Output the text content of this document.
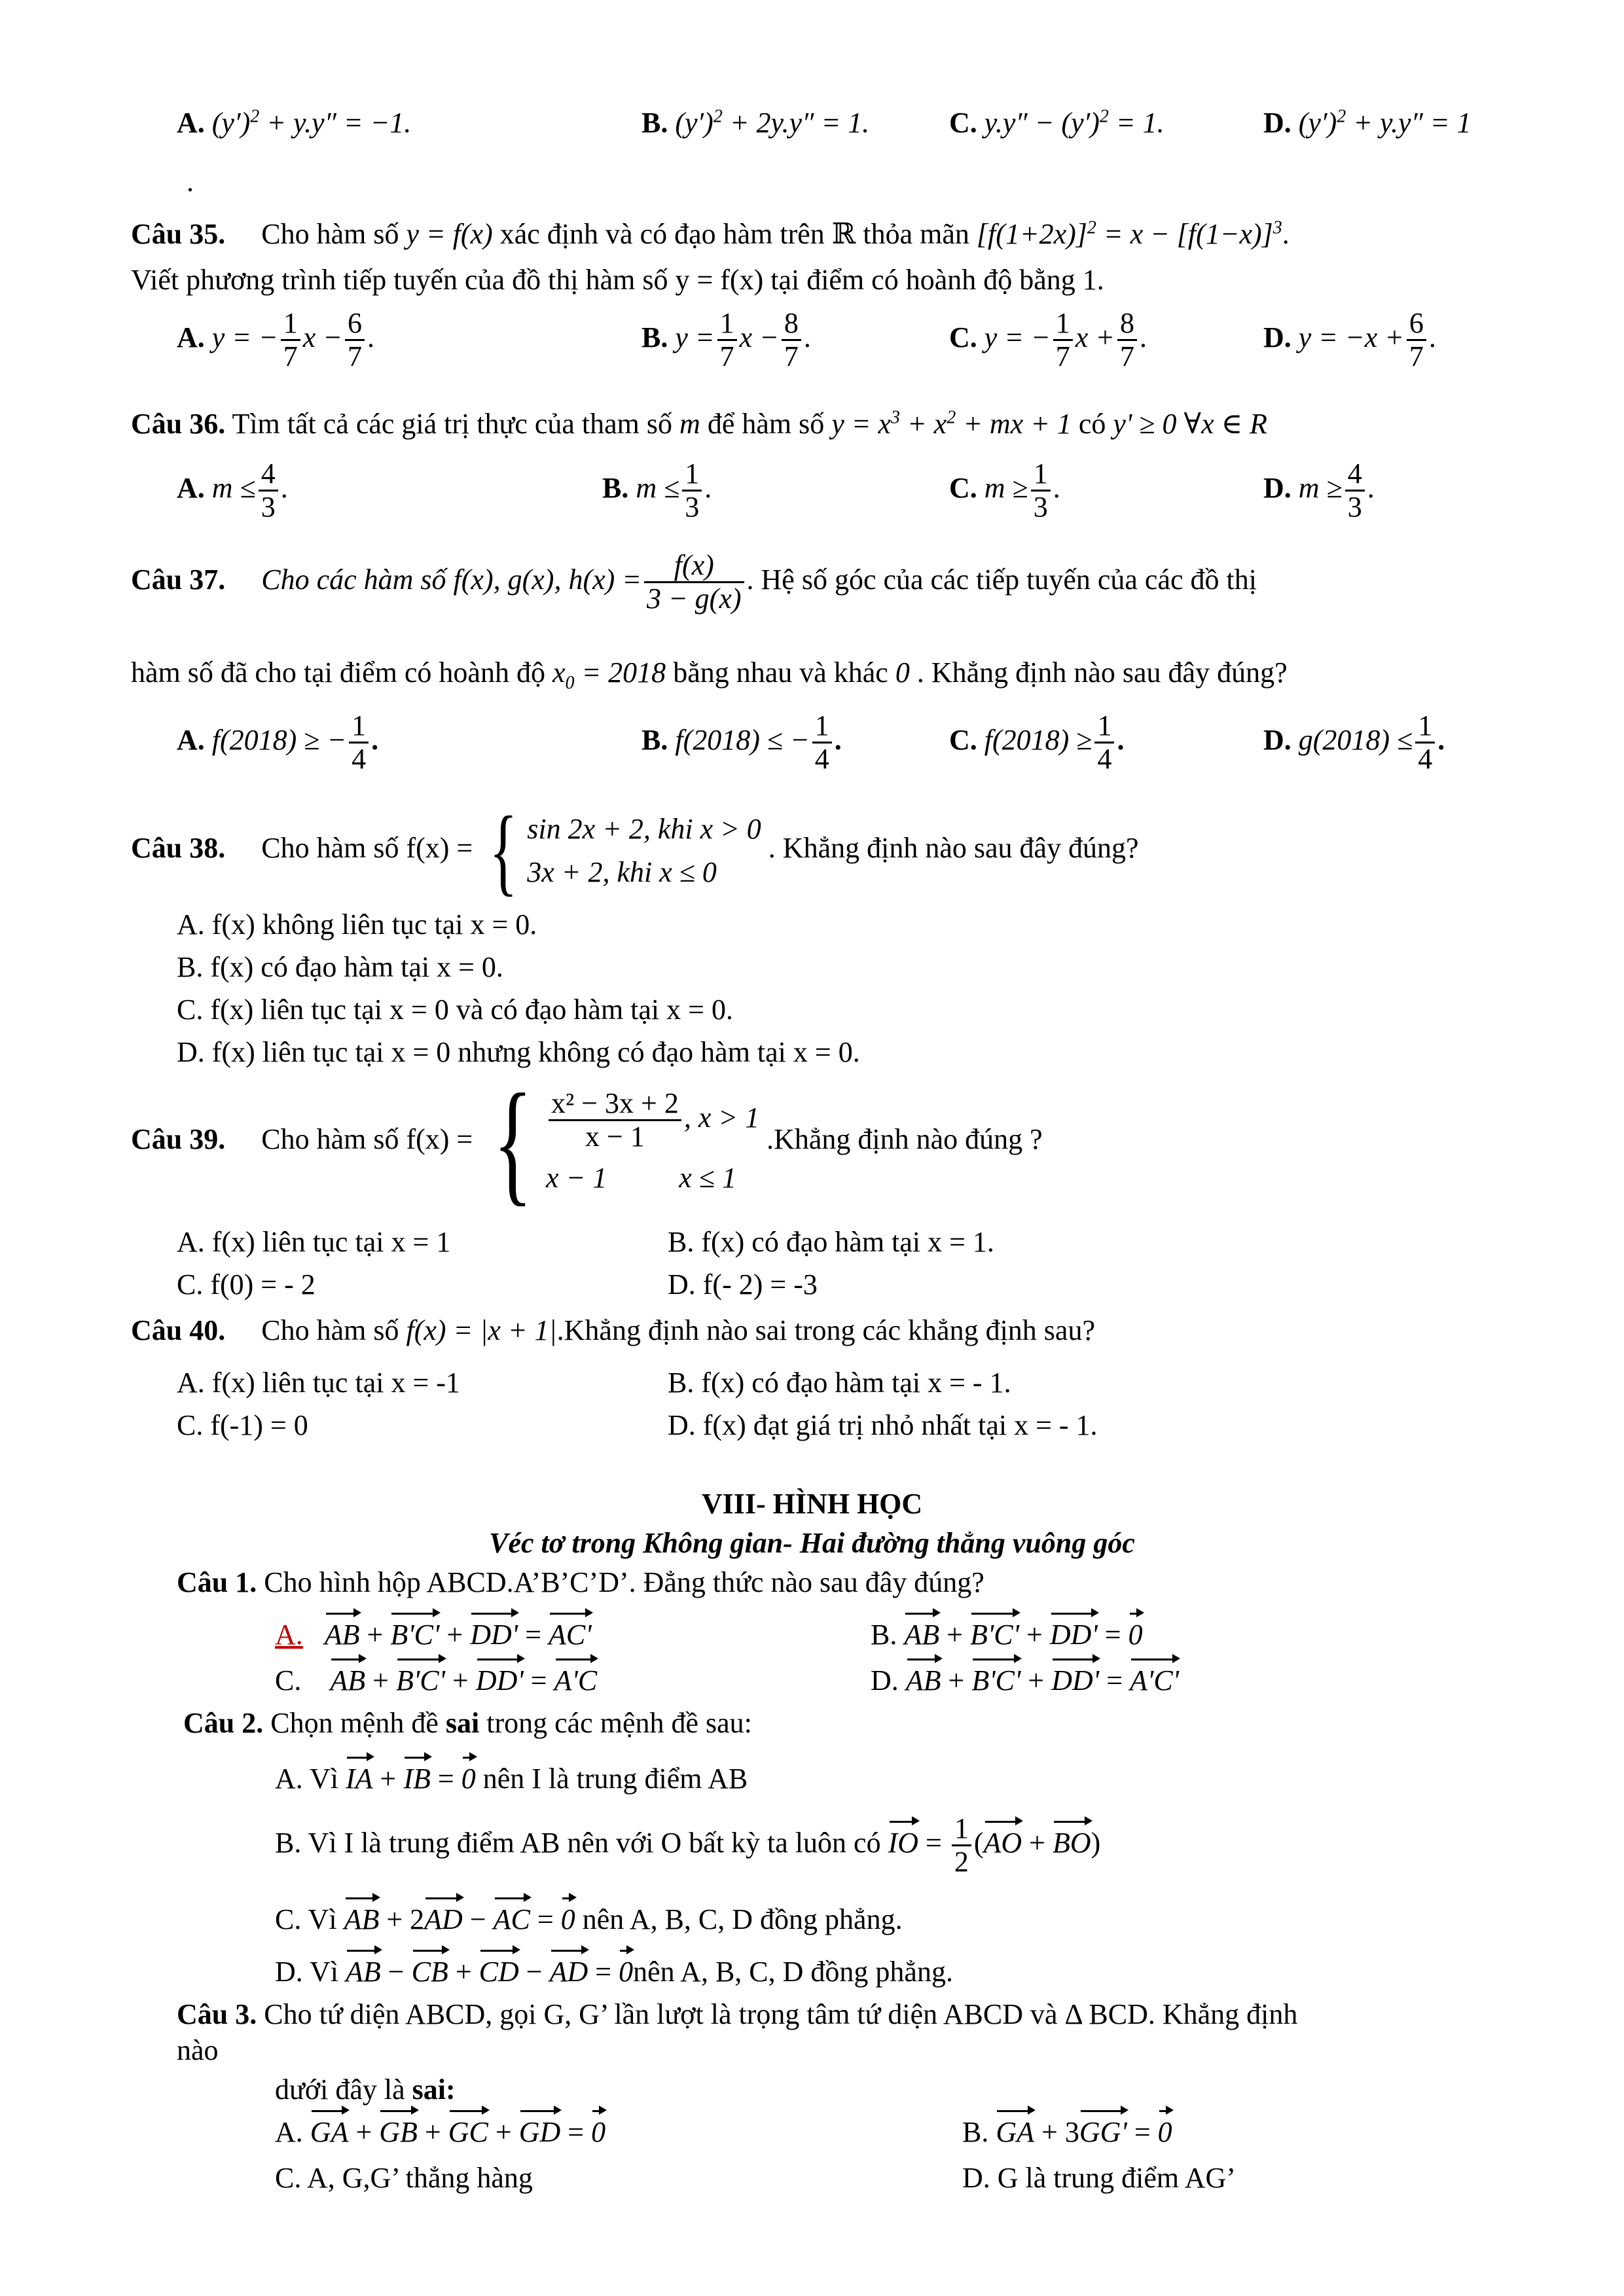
A. $(y')^2 + y.y'' = -1$.	B. $(y')^2 + 2y.y'' = 1$.	C. $y.y'' - (y')^2 = 1$.	D. $(y')^2 + y.y'' = 1$
.
Câu 35. Cho hàm số y = f(x) xác định và có đạo hàm trên ℝ thỏa mãn $[f(1+2x)]^2 = x - [f(1-x)]^3$.
Viết phương trình tiếp tuyến của đồ thị hàm số y = f(x) tại điểm có hoành độ bằng 1.
A. y = − $\frac{1}{7}$ $x - \frac{6}{7}$ .	B. $y = \frac{1}{7}$ $x - \frac{8}{7}$ .	C. y = − $\frac{1}{7}$ $x + \frac{8}{7}$ .	D. $y = -x + \frac{6}{7}$ .
Câu 36. Tìm tất cả các giá trị thực của tham số m để hàm số $y = x^3 + x^2$ + mx + 1 có y' ≥ 0 ∀x ∈ R
A. $m \le \frac{4}{3}$ .	B. $m \le \frac{1}{3}$ .	C. $m \ge \frac{1}{3}$ .	D. $m \ge \frac{4}{3}$ .
Câu 37. Cho các hàm số f(x), g(x), $h(x) = \frac{f(x)}{3 - g(x)}$ . Hệ số góc của các tiếp tuyến của các đồ thị
hàm số đã cho tại điểm có hoành độ $x_0 = 2018$ bằng nhau và khác 0 . Khẳng định nào sau đây đúng?
A. f(2018) ≥ − $\frac{1}{4}$ .	B. f(2018) ≤ − $\frac{1}{4}$ .	C. $f(2018) \ge \frac{1}{4}$ .	D. $g(2018) \le \frac{1}{4}$ .
Câu 38. Cho hàm số f(x) = { sin 2x + 2, khi x > 0
3x + 2, khi x ≤ 0
. Khẳng định nào sau đây đúng?
A. f(x) không liên tục tại x = 0.
B. f(x) có đạo hàm tại x = 0.
C. f(x) liên tục tại x = 0 và có đạo hàm tại x = 0.
D. f(x) liên tục tại x = 0 nhưng không có đạo hàm tại x = 0.
Câu 39. Cho hàm số f(x) = { $\frac{\text{x² − 3x + 2}}{x - 1}$ , x > 1
x − 1	x ≤ 1
.Khẳng định nào đúng ?
A. f(x) liên tục tại x = 1	B. f(x) có đạo hàm tại x = 1.
C. f(0) = - 2	D. f(- 2) = -3
Câu 40.     Cho hàm số f(x) = |x + 1|.Khẳng định nào sai trong các khẳng định sau?
A. f(x) liên tục tại x = -1	B. f(x) có đạo hàm tại x = - 1.
C. f(-1) = 0	D. f(x) đạt giá trị nhỏ nhất tại x = - 1.
VIII- HÌNH HỌC
Véc tơ trong Không gian- Hai đường thẳng vuông góc
Câu 1. Cho hình hộp ABCD.A’B’C’D’. Đẳng thức nào sau đây đúng?
A. AB + B'C' + DD' = AC'	B. AB + B'C' + DD' = 0
C. AB + B'C' + DD' = A'C	D. AB + B'C' + DD' = A'C'
Câu 2. Chọn mệnh đề sai trong các mệnh đề sau:
A. Vì IA + IB = 0 nên I là trung điểm AB
B. Vì I là trung điểm AB nên với O bất kỳ ta luôn có IO = $\frac{1}{2} (AO + BO)$
C. Vì AB + 2AD − AC = 0 nên A, B, C, D đồng phẳng.
D. Vì AB − CB + CD − AD = 0nên A, B, C, D đồng phẳng.
Câu 3. Cho tứ diện ABCD, gọi G, G’ lần lượt là trọng tâm tứ diện ABCD và Δ BCD. Khẳng định
nào
dưới đây là sai:
A. GA + GB + GC + GD = 0	B. GA + 3GG' = 0
C. A, G,G’ thẳng hàng	D. G là trung điểm AG’
